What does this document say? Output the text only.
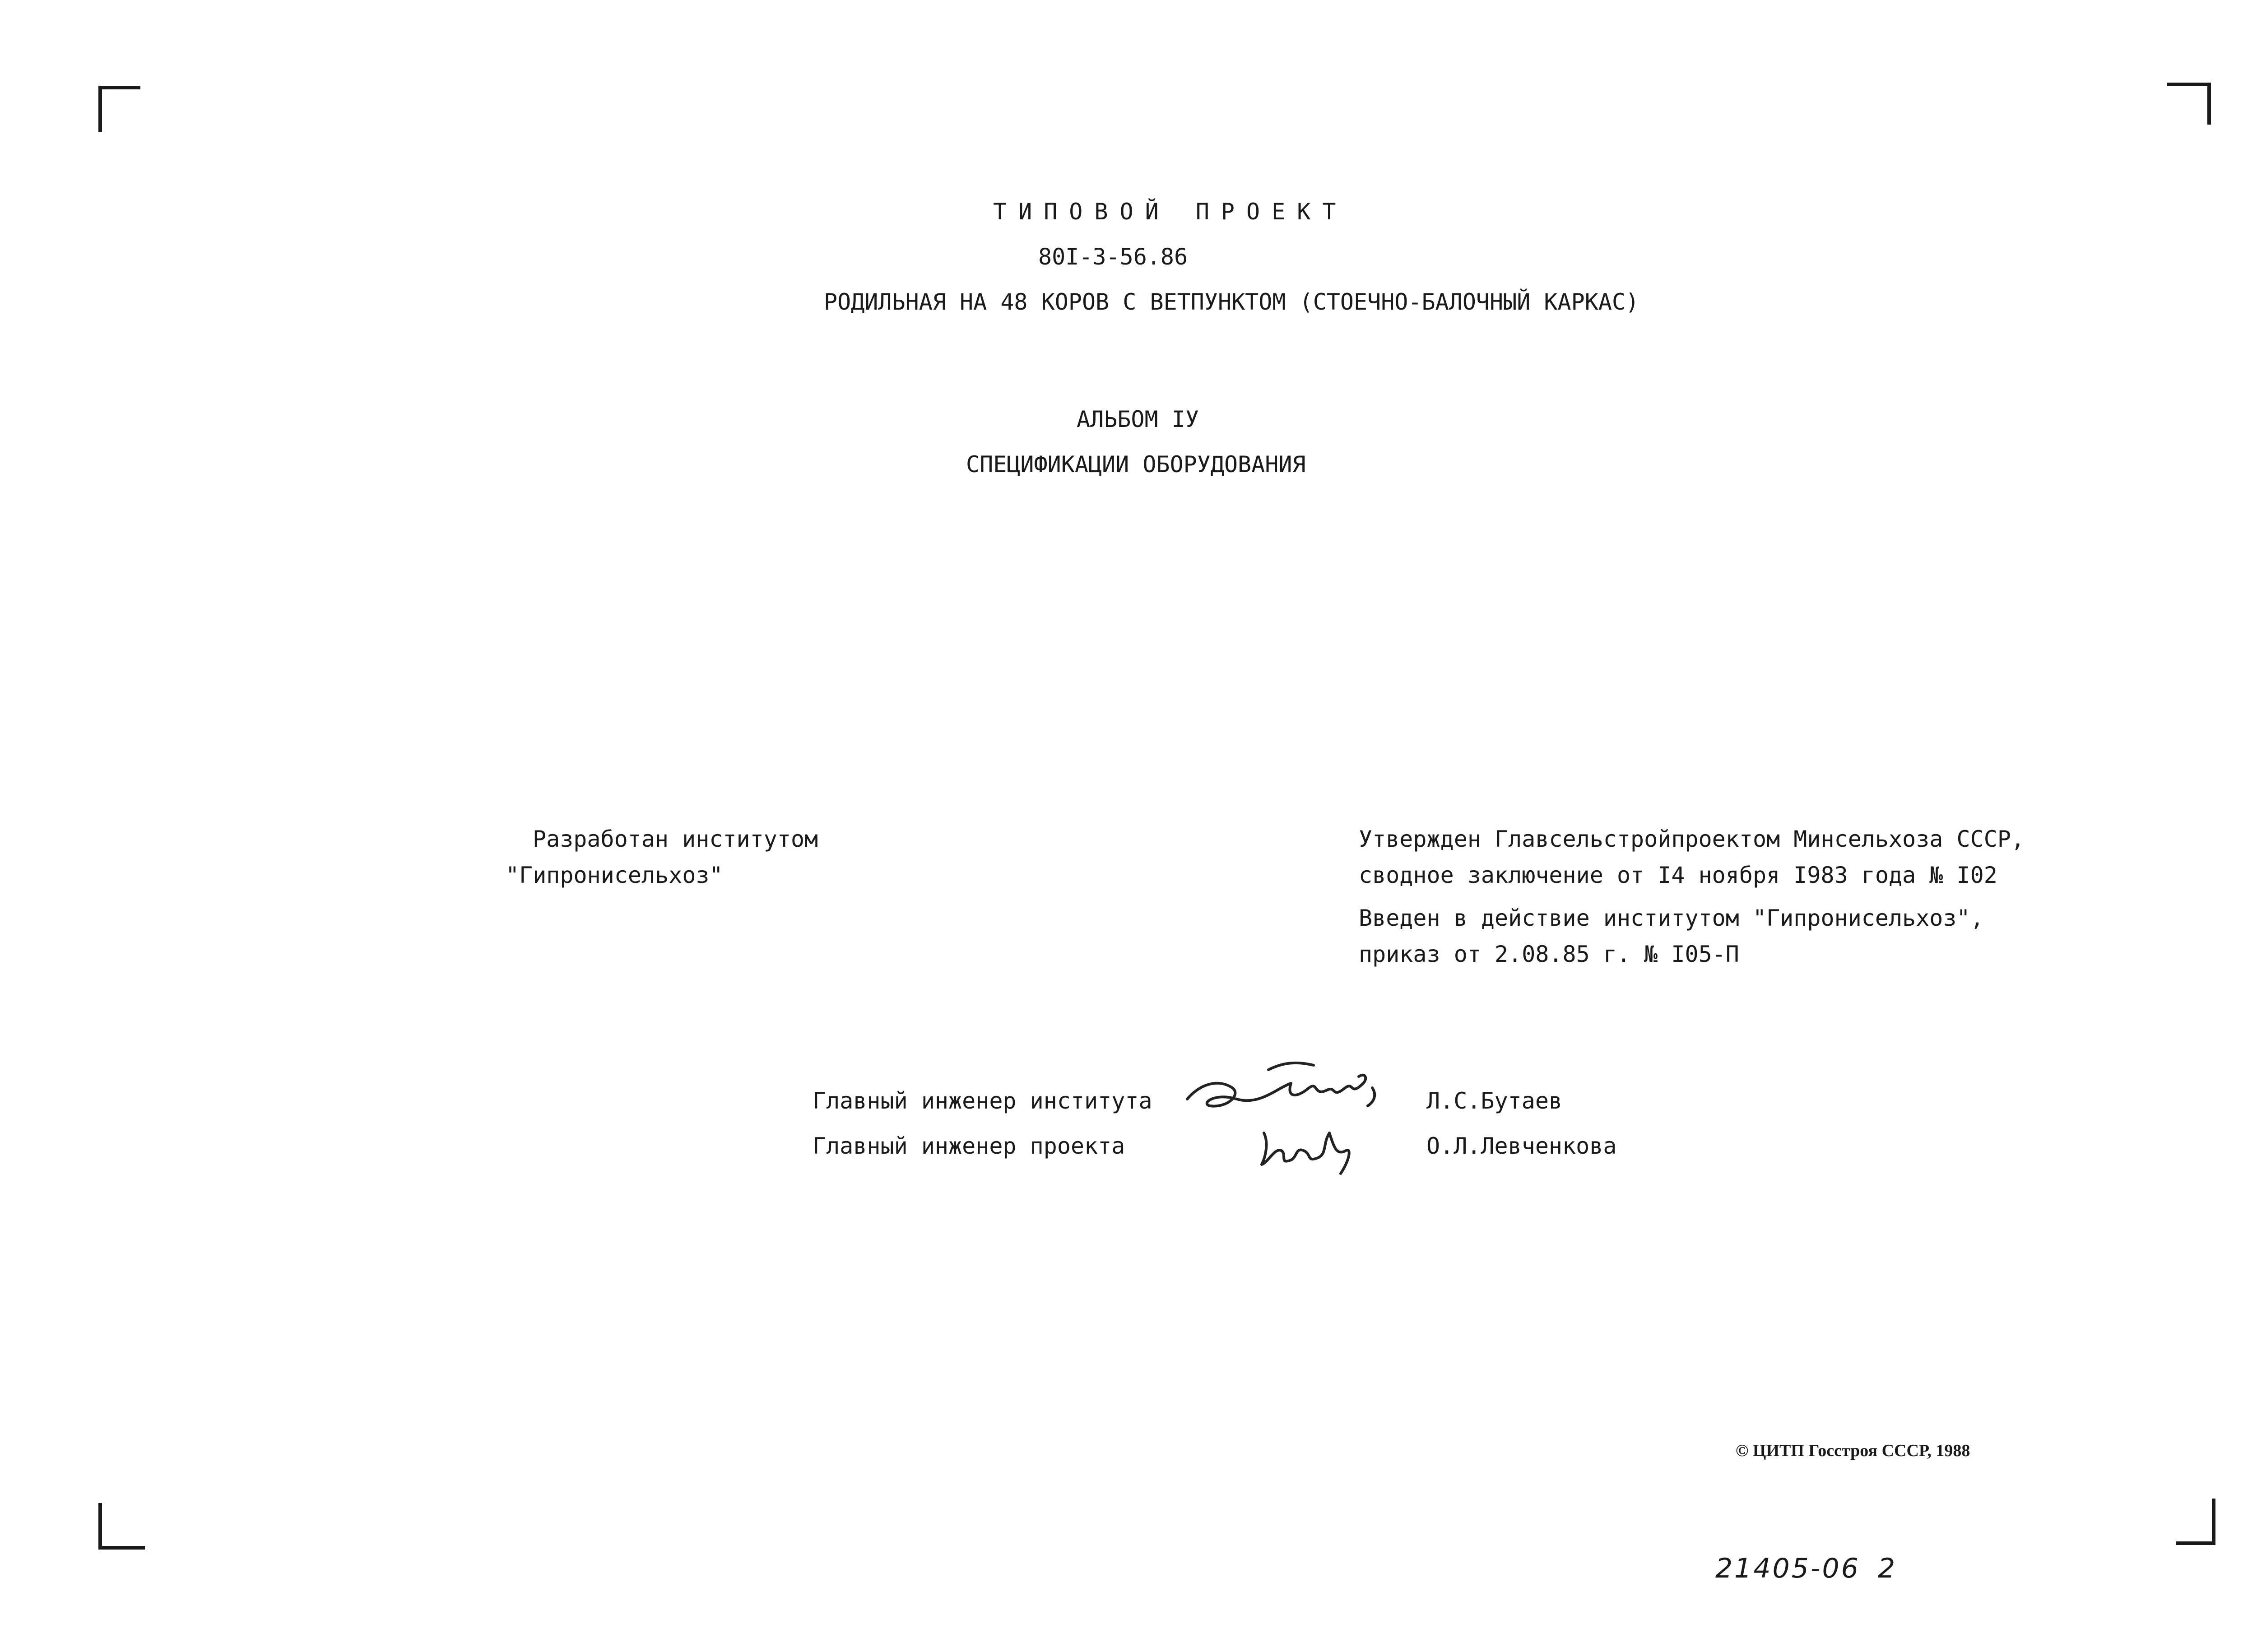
ТИПОВОЙ ПРОЕКТ
80I-3-56.86
РОДИЛЬНАЯ НА 48 КОРОВ С ВЕТПУНКТОМ (СТОЕЧНО-БАЛОЧНЫЙ КАРКАС)
АЛЬБОМ IУ
СПЕЦИФИКАЦИИ ОБОРУДОВАНИЯ
Разработан институтом
"Гипронисельхоз"
Утвержден Главсельстройпроектом Минсельхоза СССР,
сводное заключение от I4 ноября I983 года № I02
Введен в действие институтом "Гипронисельхоз",
приказ от 2.08.85 г. № I05-П
Главный инженер института	Л.С.Бутаев
Главный инженер проекта	О.Л.Левченкова
© ЦИТП Госстроя СССР, 1988
21405-06 2
